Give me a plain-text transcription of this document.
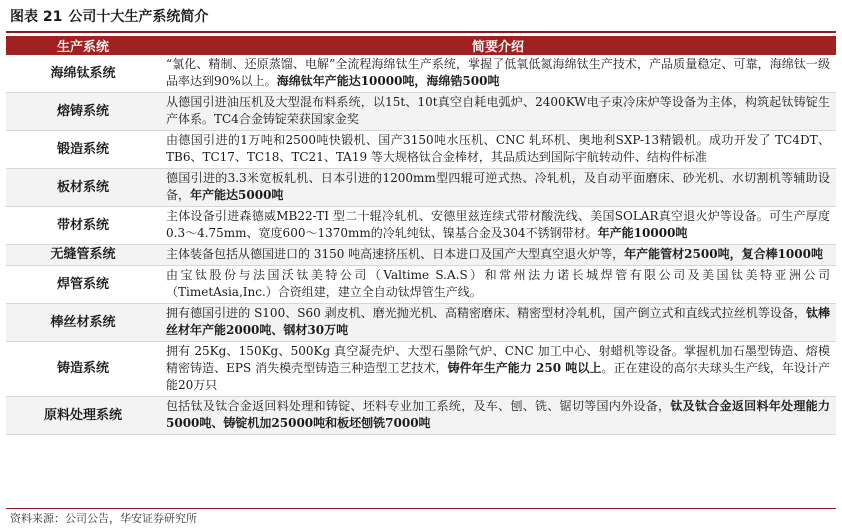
图表 21 公司十大生产系统简介
生产系统	简要介绍
海绵钛系统	“氯化、精制、还原蒸馏、电解”全流程海绵钛生产系统，掌握了低氧低氮海绵钛生产技术，产品质量稳定、可靠，海绵钛一级品率达到90%以上。海绵钛年产能达10000吨，海绵锆500吨
熔铸系统	从德国引进油压机及大型混布料系统，以15t、10t真空自耗电弧炉、2400KW电子束冷床炉等设备为主体，构筑起钛铸锭生产体系。TC4合金铸锭荣获国家金奖
锻造系统	由德国引进的1万吨和2500吨快锻机、国产3150吨水压机、CNC 轧环机、奥地利SXP-13精锻机。成功开发了 TC4DT、TB6、TC17、TC18、TC21、TA19 等大规格钛合金棒材，其品质达到国际宇航转动件、结构件标准
板材系统	德国引进的3.3米宽板轧机、日本引进的1200mm型四辊可逆式热、冷轧机，及自动平面磨床、砂光机、水切割机等辅助设备，年产能达5000吨
带材系统	主体设备引进森德威MB22-TI 型二十辊冷轧机、安德里兹连续式带材酸洗线、美国SOLAR真空退火炉等设备。可生产厚度0.3～4.75mm、宽度600～1370mm的冷轧纯钛、镍基合金及304不锈钢带材。年产能10000吨
无缝管系统	主体装备包括从德国进口的 3150 吨高速挤压机、日本进口及国产大型真空退火炉等，年产能管材2500吨，复合棒1000吨
焊管系统	由宝钛股份与法国沃钛美特公司（Valtime S.A.S）和常州法力诺长城焊管有限公司及美国钛美特亚洲公司（TimetAsia,Inc.）合资组建，建立全自动钛焊管生产线。
棒丝材系统	拥有德国引进的 S100、S60 剥皮机、磨光抛光机、高精密磨床、精密型材冷轧机，国产倒立式和直线式拉丝机等设备，钛棒丝材年产能2000吨、钢材30万吨
铸造系统	拥有 25Kg、150Kg、500Kg 真空凝壳炉、大型石墨除气炉、CNC 加工中心、射蜡机等设备。掌握机加石墨型铸造、熔模精密铸造、EPS 消失模壳型铸造三种造型工艺技术，铸件年生产能力 250 吨以上。正在建设的高尔夫球头生产线，年设计产能20万只
原料处理系统	包括钛及钛合金返回料处理和铸锭、坯料专业加工系统，及车、刨、铣、锯切等国内外设备，钛及钛合金返回料年处理能力5000吨、铸锭机加25000吨和板坯刨铣7000吨
资料来源：公司公告，华安证券研究所
